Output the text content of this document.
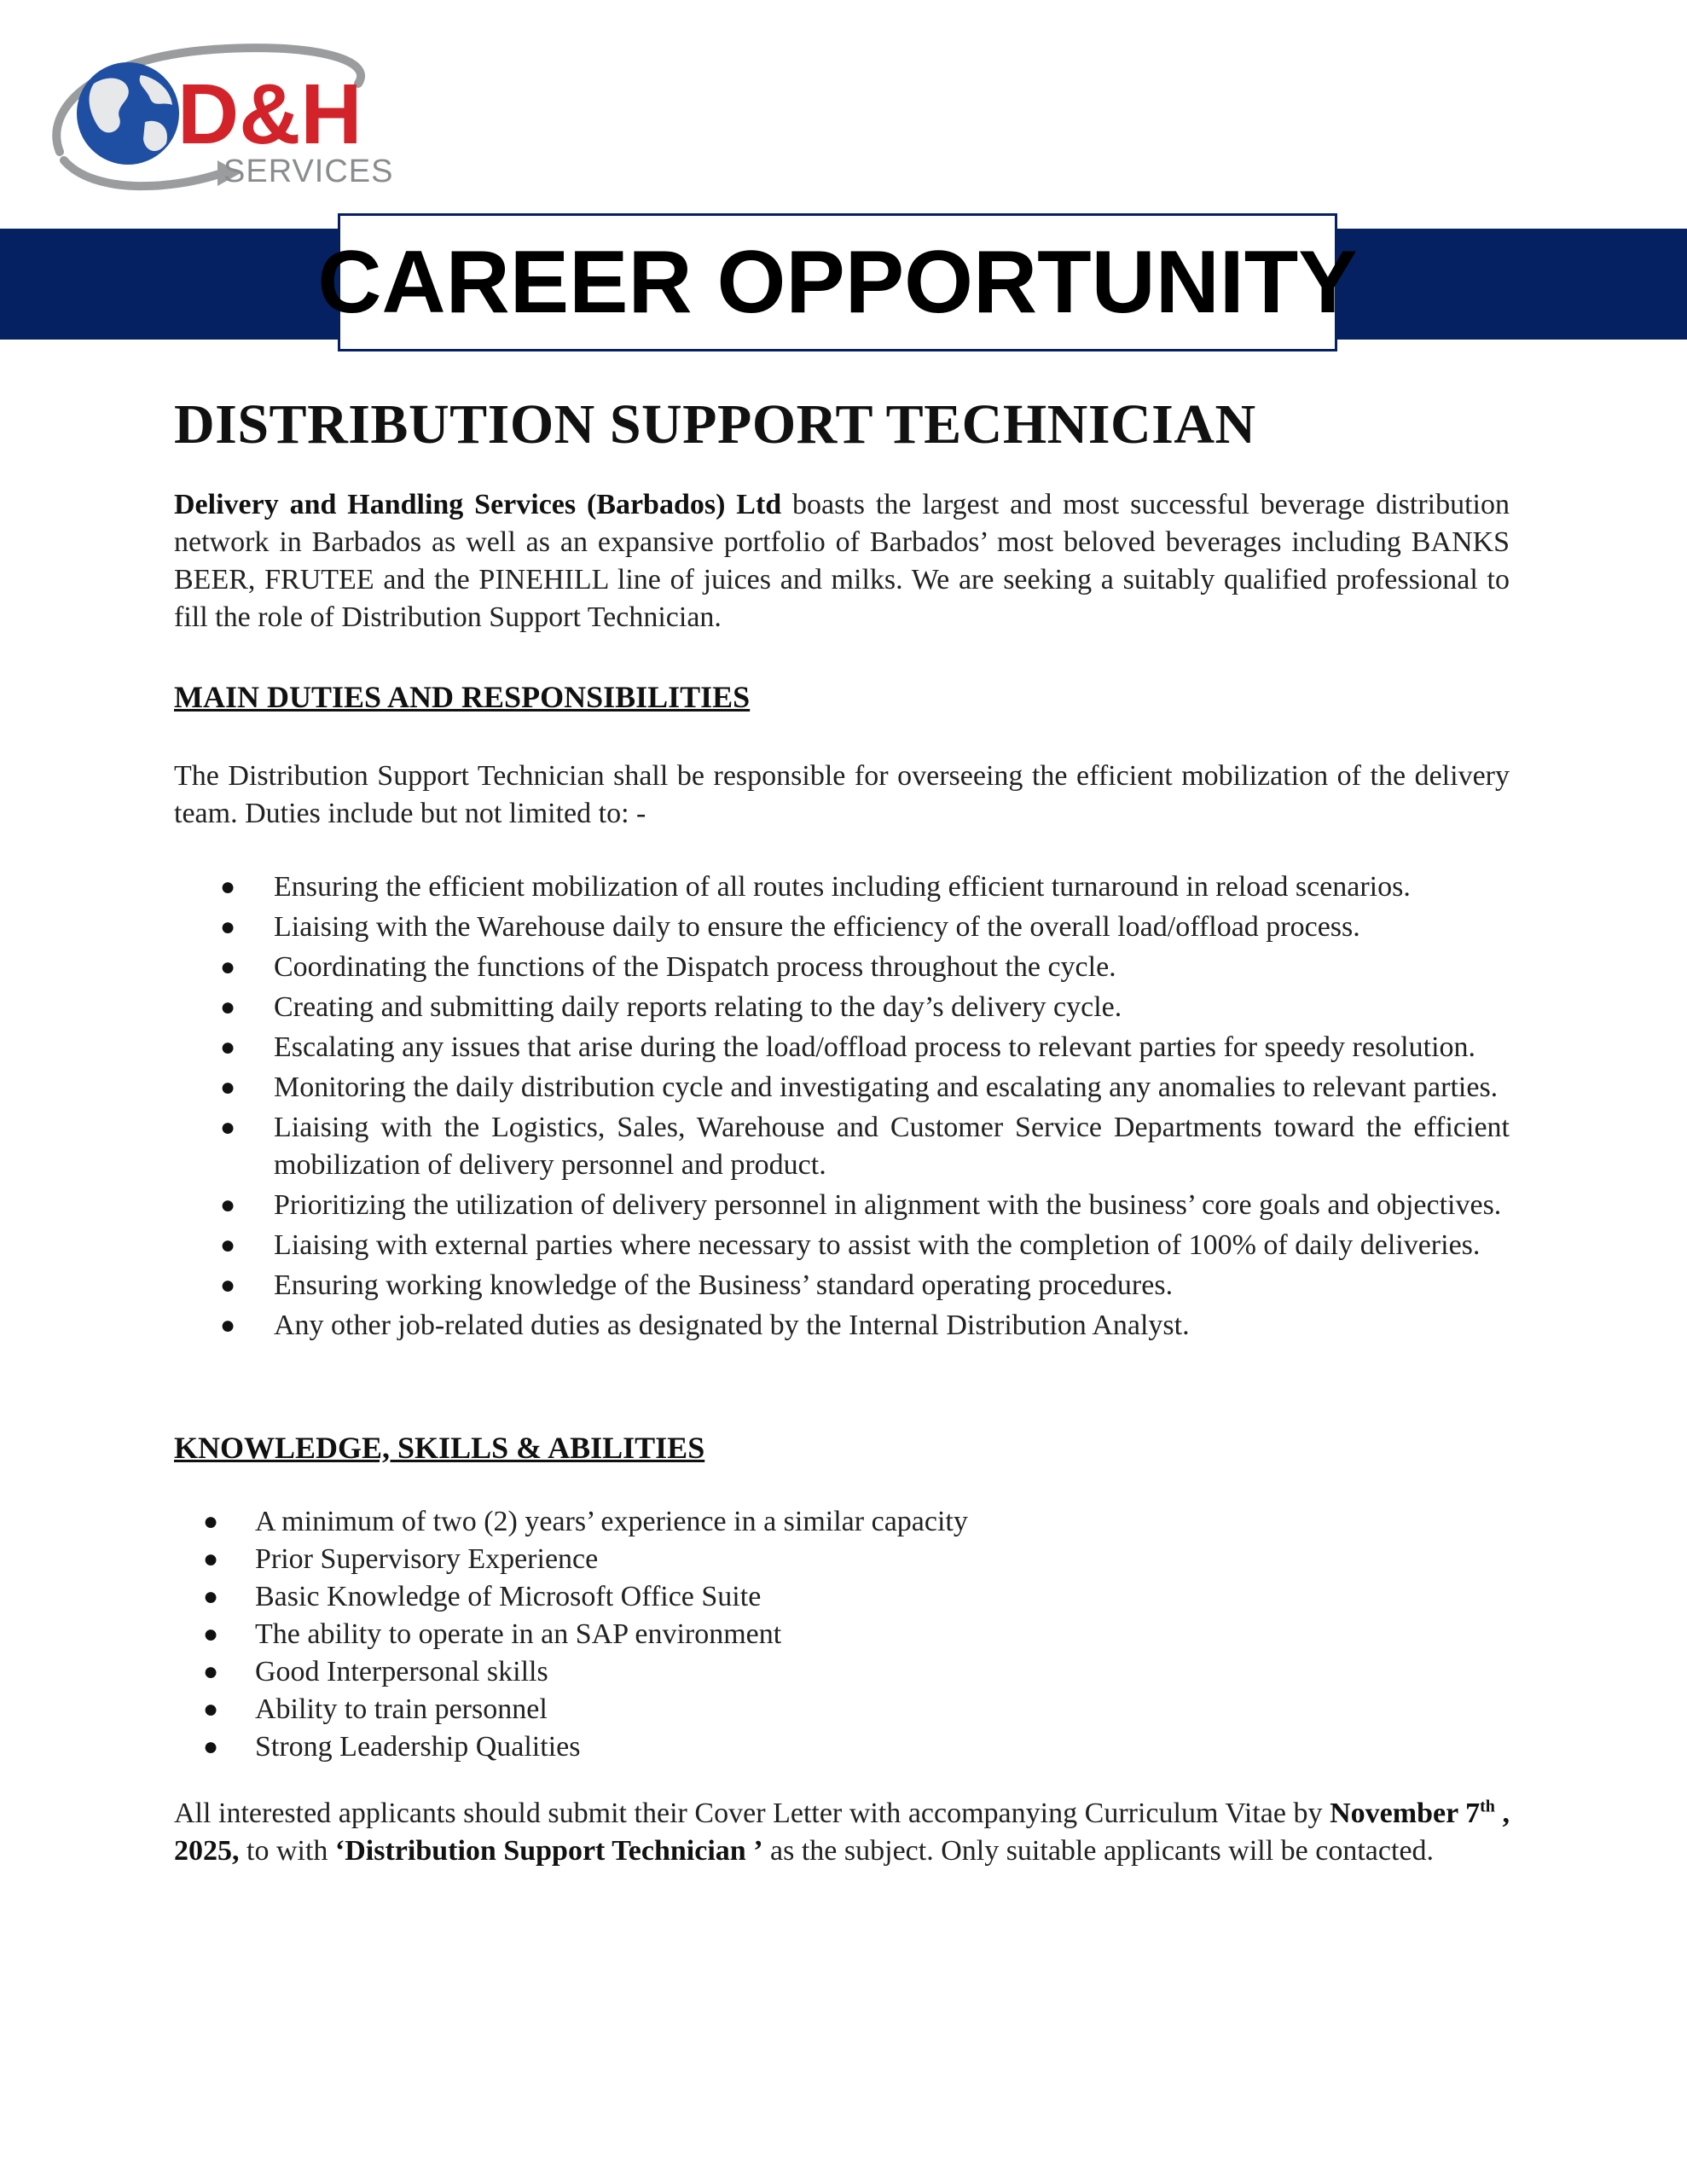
D&H
SERVICES
CAREER OPPORTUNITY
DISTRIBUTION SUPPORT TECHNICIAN

Delivery and Handling Services (Barbados) Ltd boasts the largest and most successful beverage distribution network in Barbados as well as an expansive portfolio of Barbados’ most beloved beverages including BANKS BEER, FRUTEE and the PINEHILL line of juices and milks. We are seeking a suitably qualified professional to fill the role of Distribution Support Technician.

MAIN DUTIES AND RESPONSIBILITIES

The Distribution Support Technician shall be responsible for overseeing the efficient mobilization of the delivery team. Duties include but not limited to: -

● Ensuring the efficient mobilization of all routes including efficient turnaround in reload scenarios.
● Liaising with the Warehouse daily to ensure the efficiency of the overall load/offload process.
● Coordinating the functions of the Dispatch process throughout the cycle.
● Creating and submitting daily reports relating to the day’s delivery cycle.
● Escalating any issues that arise during the load/offload process to relevant parties for speedy resolution.
● Monitoring the daily distribution cycle and investigating and escalating any anomalies to relevant parties.
● Liaising with the Logistics, Sales, Warehouse and Customer Service Departments toward the efficient mobilization of delivery personnel and product.
● Prioritizing the utilization of delivery personnel in alignment with the business’ core goals and objectives.
● Liaising with external parties where necessary to assist with the completion of 100% of daily deliveries.
● Ensuring working knowledge of the Business’ standard operating procedures.
● Any other job-related duties as designated by the Internal Distribution Analyst.

KNOWLEDGE, SKILLS & ABILITIES

● A minimum of two (2) years’ experience in a similar capacity
● Prior Supervisory Experience
● Basic Knowledge of Microsoft Office Suite
● The ability to operate in an SAP environment
● Good Interpersonal skills
● Ability to train personnel
● Strong Leadership Qualities

All interested applicants should submit their Cover Letter with accompanying Curriculum Vitae by November 7th , 2025, to with ‘Distribution Support Technician ’ as the subject. Only suitable applicants will be contacted.
